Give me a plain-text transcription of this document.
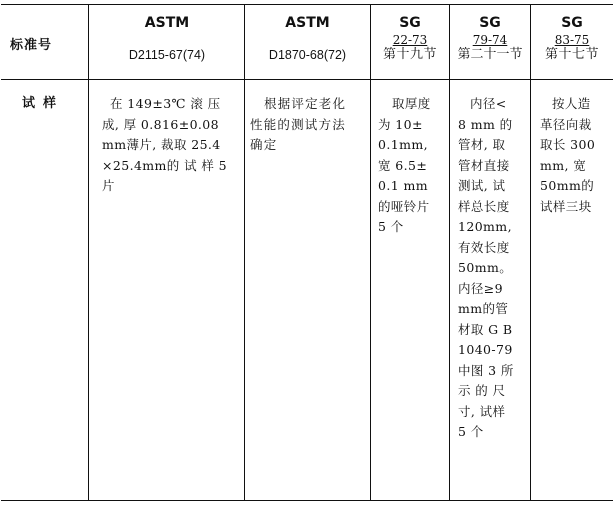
标准号
ASTM
D2115-67(74)
ASTM
D1870-68(72)
SG
22-73
第十九节
SG
79-74
第二十一节
SG
83-75
第十七节
试样	在 149±3℃ 滚 压
成, 厚 0.816±0.08
mm薄片, 裁取 25.4
×25.4mm的 试 样 5
片
根据评定老化
性能的测试方法
确定
取厚度
为 10±
0.1mm,
宽 6.5±
0.1 mm
的哑铃片
5 个
内径<
8 mm 的
管材, 取
管材直接
测试, 试
样总长度
120mm,
有效长度
50mm。
内径≥9
mm的管
材取 G B
1040-79
中图 3 所
示 的 尺
寸, 试样
5 个
按人造
革径向裁
取长 300
mm, 宽
50mm的
试样三块
